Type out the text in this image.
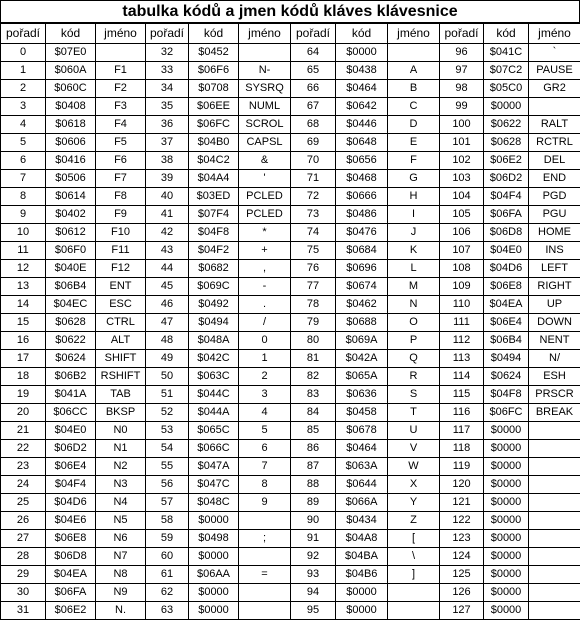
tabulka kódů a jmen kódů kláves klávesnice
pořadí	kód	jméno	pořadí	kód	jméno	pořadí	kód	jméno	pořadí	kód	jméno
0	$07E0		32	$0452		64	$0000		96	$041C	`
1	$060A	F1	33	$06F6	N-	65	$0438	A	97	$07C2	PAUSE
2	$060C	F2	34	$0708	SYSRQ	66	$0464	B	98	$05C0	GR2
3	$0408	F3	35	$06EE	NUML	67	$0642	C	99	$0000	
4	$0618	F4	36	$06FC	SCROL	68	$0446	D	100	$0622	RALT
5	$0606	F5	37	$04B0	CAPSL	69	$0648	E	101	$0628	RCTRL
6	$0416	F6	38	$04C2	&	70	$0656	F	102	$06E2	DEL
7	$0506	F7	39	$04A4	'	71	$0468	G	103	$06D2	END
8	$0614	F8	40	$03ED	PCLED	72	$0666	H	104	$04F4	PGD
9	$0402	F9	41	$07F4	PCLED	73	$0486	I	105	$06FA	PGU
10	$0612	F10	42	$04F8	*	74	$0476	J	106	$06D8	HOME
11	$06F0	F11	43	$04F2	+	75	$0684	K	107	$04E0	INS
12	$040E	F12	44	$0682	,	76	$0696	L	108	$04D6	LEFT
13	$06B4	ENT	45	$069C	-	77	$0674	M	109	$06E8	RIGHT
14	$04EC	ESC	46	$0492	.	78	$0462	N	110	$04EA	UP
15	$0628	CTRL	47	$0494	/	79	$0688	O	111	$06E4	DOWN
16	$0622	ALT	48	$048A	0	80	$069A	P	112	$06B4	NENT
17	$0624	SHIFT	49	$042C	1	81	$042A	Q	113	$0494	N/
18	$06B2	RSHIFT	50	$063C	2	82	$065A	R	114	$0624	ESH
19	$041A	TAB	51	$044C	3	83	$0636	S	115	$04F8	PRSCR
20	$06CC	BKSP	52	$044A	4	84	$0458	T	116	$06FC	BREAK
21	$04E0	N0	53	$065C	5	85	$0678	U	117	$0000	
22	$06D2	N1	54	$066C	6	86	$0464	V	118	$0000	
23	$06E4	N2	55	$047A	7	87	$063A	W	119	$0000	
24	$04F4	N3	56	$047C	8	88	$0644	X	120	$0000	
25	$04D6	N4	57	$048C	9	89	$066A	Y	121	$0000	
26	$04E6	N5	58	$0000		90	$0434	Z	122	$0000	
27	$06E8	N6	59	$0498	;	91	$04A8	[	123	$0000	
28	$06D8	N7	60	$0000		92	$04BA	\	124	$0000	
29	$04EA	N8	61	$06AA	=	93	$04B6	]	125	$0000	
30	$06FA	N9	62	$0000		94	$0000		126	$0000	
31	$06E2	N.	63	$0000		95	$0000		127	$0000	
